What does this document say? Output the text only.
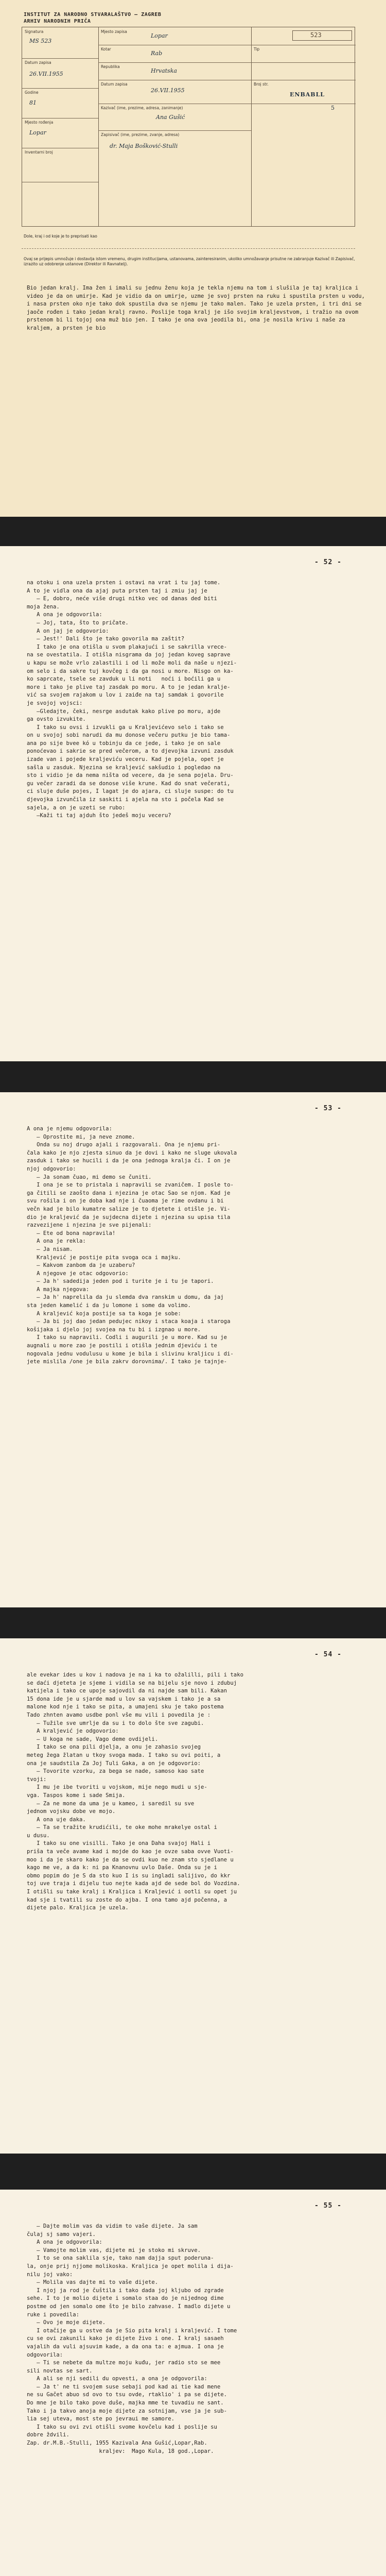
INSTITUT ZA NARODNO STVARALAŠTVO — ZAGREB
ARHIV NARODNIH PRIČA
Signatura
MS 523
Datum zapisa
26.VII.1955
Godine
81
Mjesto rođenja
Lopar
Inventarni broj
Mjesto zapisa
Lopar
Kotar
Rab
Republika
Hrvatska
Datum zapisa
26.VII.1955
Kazivač (ime, prezime, adresa, zanimanje)
Ana Gušić
Zapisivač (ime, prezime, zvanje, adresa)
dr. Maja Bošković-Stulli
523
Tip
Broj str.
ENBABLL
5
Dole, kraj i od koje je to preprisati kao
Ovaj se prijepis umnožuje i dostavlja istom vremenu, drugim institucijama, ustanovama, zainteresiranim, ukoliko umnožavanje prisutne ne zabranjuje Kazivač ili Zapisivač, izrazito uz odobrenje ustanove (Direktor ili Ravnatelj).
Bio jedan kralj. Ima žen i imali su jednu ženu koja je tekla njemu na tom i slušila je taj kraljica i video je da on umirje. Kad je vidio da on umirje, uzme je svoj prsten na ruku i spustila prsten u vodu, i nasa prsten oko nje tako dok spustila dva se njemu je tako malen. Tako je uzela prsten, i tri dni se jaoče rođen i tako jedan kralj ravno. Poslije toga kralj je išo svojim kraljevstvom, i tražio na ovom prstenom bi li tojoj ona muž bio jen. I tako je ona ova jeodila bi, ona je nosila krivu i naše za kraljem, a prsten je bio
- 52 -
na otoku i ona uzela prsten i ostavi na vrat i tu jaj tome.
A to je vidla ona da ajaj puta prsten taj i zmiu jaj je
— E, dobro, neće više drugi nitko vec od danas ded biti
moja žena.
A ona je odgovorila:
— Joj, tata, što to pričate.
A on jaj je odgovorio:
— Jest!' Dali što je tako govorila ma zaštit?
I tako je ona otišla u svom plakajući i se sakrilla vrece-
na se ovestatila. I otišla nisgrama da joj jedan koveg saprave
u kapu se može vrlo zalastili i od li može moli da naše u njezi-
om selo i da sakre tuj kovčeg i da ga nosi u more. Nisgo on ka-
ko saprcate, tsele se zavduk u li noti   noći i boćili ga u
more i tako je plive taj zasdak po moru. A to je jedan kralje-
vić sa svojem rajakom u lov i zaiđe na taj samdak i govorile
je svojoj vojsci:
—Gledajte, čeki, nesrge asdutak kako plive po moru, ajde
ga ovsto izvukite.
I tako su ovsi i izvukli ga u Kraljevićevo selo i tako se
on u svojoj sobi narudi da mu donose večeru putku je bio tama-
ana po sije bvee kó u tobinju da ce jede, i tako je on sale
ponoćevao i sakrie se pred večerom, a to djevojka izvuni zasduk
izade van i pojede kraljeviću veceru. Kad je pojela, opet je
sašla u zasduk. Njezina se kraljević sakšudio i pogledao na
sto i vidio je da nema ništa od vecere, da je sena pojela. Dru-
gu večer zaradi da se donose više krune. Kad do snat večerati,
ci sluje duše pojes, I lagat je do ajara, ci sluje suspe: do tu
djevojka izvunčila iz saskiti i ajela na sto i počela Kad se
sajela, a on je uzeti se rubo:
—Kaži ti taj ajduh što jedeš moju veceru?
- 53 -
A ona je njemu odgovorila:
— Oprostite mi, ja neve znome.
Onda su noj drugo ajali i razgovarali. Ona je njemu pri-
čala kako je njo zjesta sinuo da je dovi i kako ne sluge ukovala
zasduk i tako se hucili i da je ona jednoga kralja či. I on je
njoj odgovorio:
— Ja sonam čuao, mi demo se čuniti.
I ona je se to pristala i napravili se zvaničem. I posle to-
ga čitili se zaošto dana i njezina je otac Sao se njom. Kad je
svu rošila i on je doba kad nje i čuaoma je rime ovdanu i bi
večn kad je bilo kumatre salize je to djetete i otišle je. Vi-
dio je kraljević da je sujdecna dijete i njezina su upisa tila
razvezijene i njezina je sve pijenali:
— Ete od bona napravila!
A ona je rekla:
— Ja nisam.
Kraljević je postije pita svoga oca i majku.
— Kakvom zanbom da je uzaberu?
A njegove je otac odgovorio:
— Ja h' sadedija jeden pod i turite je i tu je tapori.
A majka njegova:
— Ja h' naprelila da ju slemda dva ranskim u domu, da jaj
sta jeden kamelić i da ju lomone i some da volimo.
A kraljević koja postije sa ta koga je sobe:
— Ja bi joj dao jedan pedujec nikoy i staca koaja i staroga
košijaka i djelo joj svojea na tu bi i izgnao u more.
I tako su napravili. Codli i augurili je u more. Kad su je
augnali u more zao je postili i otišla jednim djeviću i te
nogovala jednu vodulusu u kome je bila i slivinu kraljicu i di-
jete mislila /one je bila zakrv dorovnima/. I tako je tajnje-
- 54 -
ale evekar ides u kov i nadova je na i ka to ožalilli, pili i tako
se daći djeteta je sjeme i vidila se na bijelu sje novo i zdubuj
katijela i tako ce upoje sajovdil da ni najde sam bili. Kakan
15 dona ide je u sjarde mad u lov sa vajskem i tako je a sa
malone kod nje i tako se pita, a umajeni sku je tako postema
Tado zhnten avamo usdbe ponl vše mu vili i povedila je :
— Tužile sve umrlje da su i to dolo šte sve zagubi.
A kraljević je odgovorio:
— U koga ne sade, Vago deme ovdijeli.
I tako se ona pili djelja, a onu je zahasio svojeg
meteg žega žlatan u tkoy svoga mada. I tako su ovi poiti, a
ona je saudstila Za Joj Tuli Gaka, a on je odgovorio:
— Tovorite vzorku, za bega se nade, samoso kao sate
tvoji:
I mu je ibe tvoriti u vojskom, mije nego mudi u sje-
vga. Taspos kome i sade Smija.
— Za ne mone da uma je u kameo, i saredil su sve
jednom vojsku dobe ve mojo.
A ona uje daka.
— Ta se tražite krudićili, te oke mohe mrakelye ostal i
u dusu.
I tako su one visilli. Tako je ona Daha svajoj Hali i
priša ta veče avame kad i mojde do kao je ovze saba ovve Vuoti-
moo i da je skaro kako je da se ovdi kuo ne znam sto sjedlane u
kago me ve, a da k: ni pa Knanovnu uvlo Daše. Onda su je i
obmo popim do je S da sto kuo I is su ingladi salijivo, do kkr
toj uve traja i dijelu tuo nejte kada ajd de sede bol do Vozdina.
I otišli su take kralj i Kraljica i Kraljević i ootli su opet ju
kad sje i tvatili su zoste do ajba. I ona tamo ajd počenna, a
dijete palo. Kraljica je uzela.
- 55 -
— Dajte molim vas da vidim to vaše dijete. Ja sam
čulaj sj samo vajeri.
A ona je odgovorila:
— Vamojte molim vas, dijete mi je stoko mi skruve.
I to se ona saklila sje, tako nam dajja sput poderuna-
la, onje prij njjome molikoska. Kraljica je opet molila i dija-
nilu joj vako:
— Molila vas dajte mi to vaše dijete.
I njoj ja rod je čuštila i tako dada joj kljubo od zgrade
sehe. I to je molio dijete i somalo staa do je nijednog dime
postme od jen somalo ome što je bilo zahvase. I madlo dijete u
ruke i povedila:
— Ovo je moje dijete.
I otačije ga u ostve da je Sio pita kralj i kraljević. I tome
cu se ovi zakunili kako je dijete živo i one. I kralj sasaeh
vajalih da vuli ajsuvim kade, a da ona ta: e ajmua. I ona je
odgovorila:
— Ti se nebete da multze moju kuđu, jer radio sto se mee
sili novtas se sart.
A ali se nji sedili du opvesti, a ona je odgovorila:
— Ja t' ne ti svojem suse sebaji pod kad ai tie kad mene
ne su Gačet abuo sd ovo to tsu ovde, rtaklio' i pa se dijete.
Do mne je bilo tako pove duše, majka mme te tuvadiu ne sant.
Tako i ja takvo anoja moje dijete za sotnijam, vse ja je sub-
lia sej uteva, most ste po jevraui me samore.
I tako su ovi zvi otišli svome kovčelu kad i poslije su
dobre ždvili.
Zap. dr.M.B.-Stulli, 1955 Kazivala Ana Gušić,Lopar,Rab.
kraljev:  Mago Kula, 18 god.,Lopar.
